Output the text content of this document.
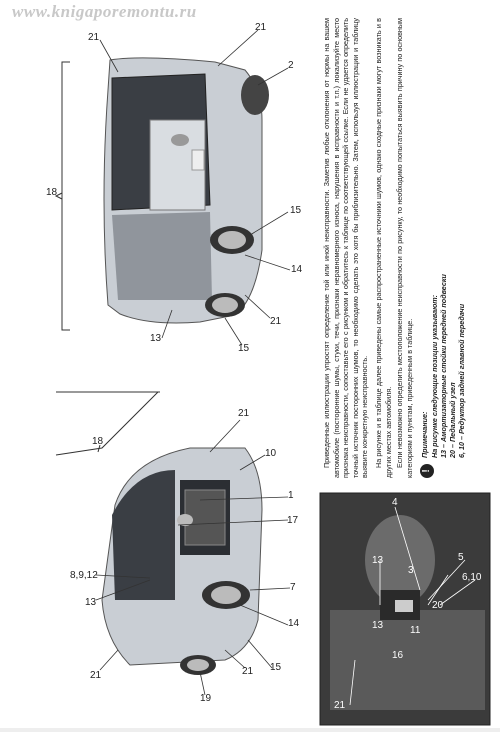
www.knigaporemontu.ru
18
21
21
2
15
14
21
13
15
18
21
10
1
17
7
14
15
21
19
21
13
8,9,12
4
13
3
5
6,10
11
20
16
13
21

Приведенные иллюстрации упростят определение той или иной неисправности. Заметив любые отклонения от нормы на вашем автомобиле (посторонние шумы, стуки, течи, признаки неравномерного износа, нарушения в исправности и т.п.) локализуйте место признака неисправности, сопоставьте его с рисунком и обратитесь к таблице по соответствующей ссылке. Если не удается определить точный источник посторонних шумов, то необходимо сделать это хотя бы приблизительно. Затем, используя иллюстрации и таблицу выявите конкретную неисправность. На рисунке и в таблице далее приведены самые распространенные источники шумов, однако сходные признаки могут возникать и в других местах автомобиля. Если невозможно определить местоположение неисправности по рисунку, то необходимо попытаться выявить причину по основным категориям и пунктам, приведенным в таблице. !
Примечание: На рисунке следующие позиции указывают: 13 – Амортизаторные стойки передней подвески 20 – Педальный узел 6, 10 – Редуктор задней главной передачи
